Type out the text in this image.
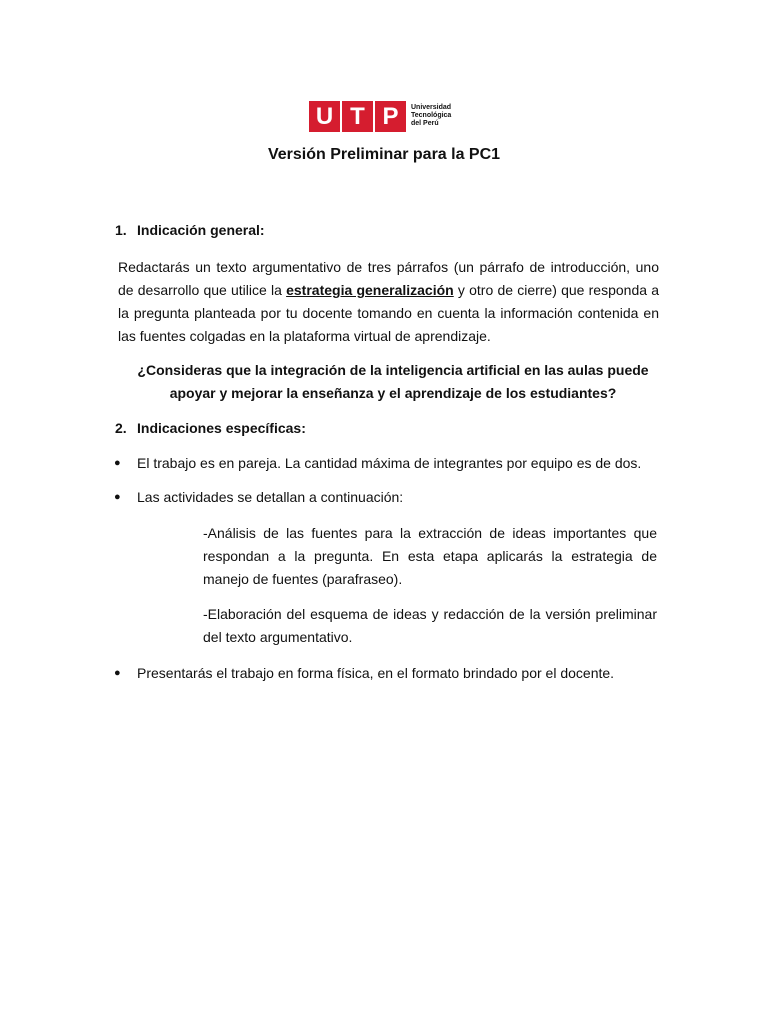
U T P	Universidad
Tecnológica
del Perú
Versión Preliminar para la PC1
1. Indicación general:

Redactarás un texto argumentativo de tres párrafos (un párrafo de introducción, uno de desarrollo que utilice la estrategia generalización y otro de cierre) que responda a la pregunta planteada por tu docente tomando en cuenta la información contenida en las fuentes colgadas en la plataforma virtual de aprendizaje.

¿Consideras que la integración de la inteligencia artificial en las aulas puede apoyar y mejorar la enseñanza y el aprendizaje de los estudiantes?

2. Indicaciones específicas:
●	El trabajo es en pareja. La cantidad máxima de integrantes por equipo es de dos.
●	Las actividades se detallan a continuación:

-Análisis de las fuentes para la extracción de ideas importantes que respondan a la pregunta. En esta etapa aplicarás la estrategia de manejo de fuentes (parafraseo).

-Elaboración del esquema de ideas y redacción de la versión preliminar del texto argumentativo.

●	Presentarás el trabajo en forma física, en el formato brindado por el docente.
